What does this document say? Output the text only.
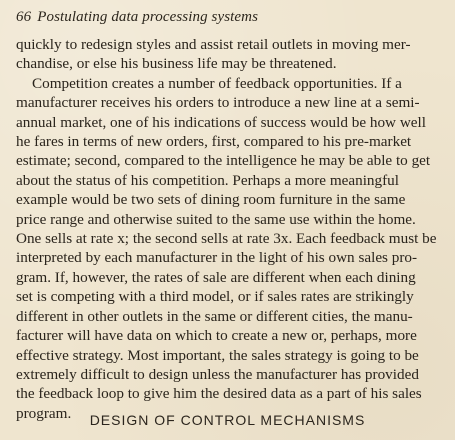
66 Postulating data processing systems
quickly to redesign styles and assist retail outlets in moving mer-
chandise, or else his business life may be threatened.
Competition creates a number of feedback opportunities. If a
manufacturer receives his orders to introduce a new line at a semi-
annual market, one of his indications of success would be how well
he fares in terms of new orders, first, compared to his pre-market
estimate; second, compared to the intelligence he may be able to get
about the status of his competition. Perhaps a more meaningful
example would be two sets of dining room furniture in the same
price range and otherwise suited to the same use within the home.
One sells at rate x; the second sells at rate 3x. Each feedback must be
interpreted by each manufacturer in the light of his own sales pro-
gram. If, however, the rates of sale are different when each dining
set is competing with a third model, or if sales rates are strikingly
different in other outlets in the same or different cities, the manu-
facturer will have data on which to create a new or, perhaps, more
effective strategy. Most important, the sales strategy is going to be
extremely difficult to design unless the manufacturer has provided
the feedback loop to give him the desired data as a part of his sales
program.	DESIGN OF CONTROL MECHANISMS
